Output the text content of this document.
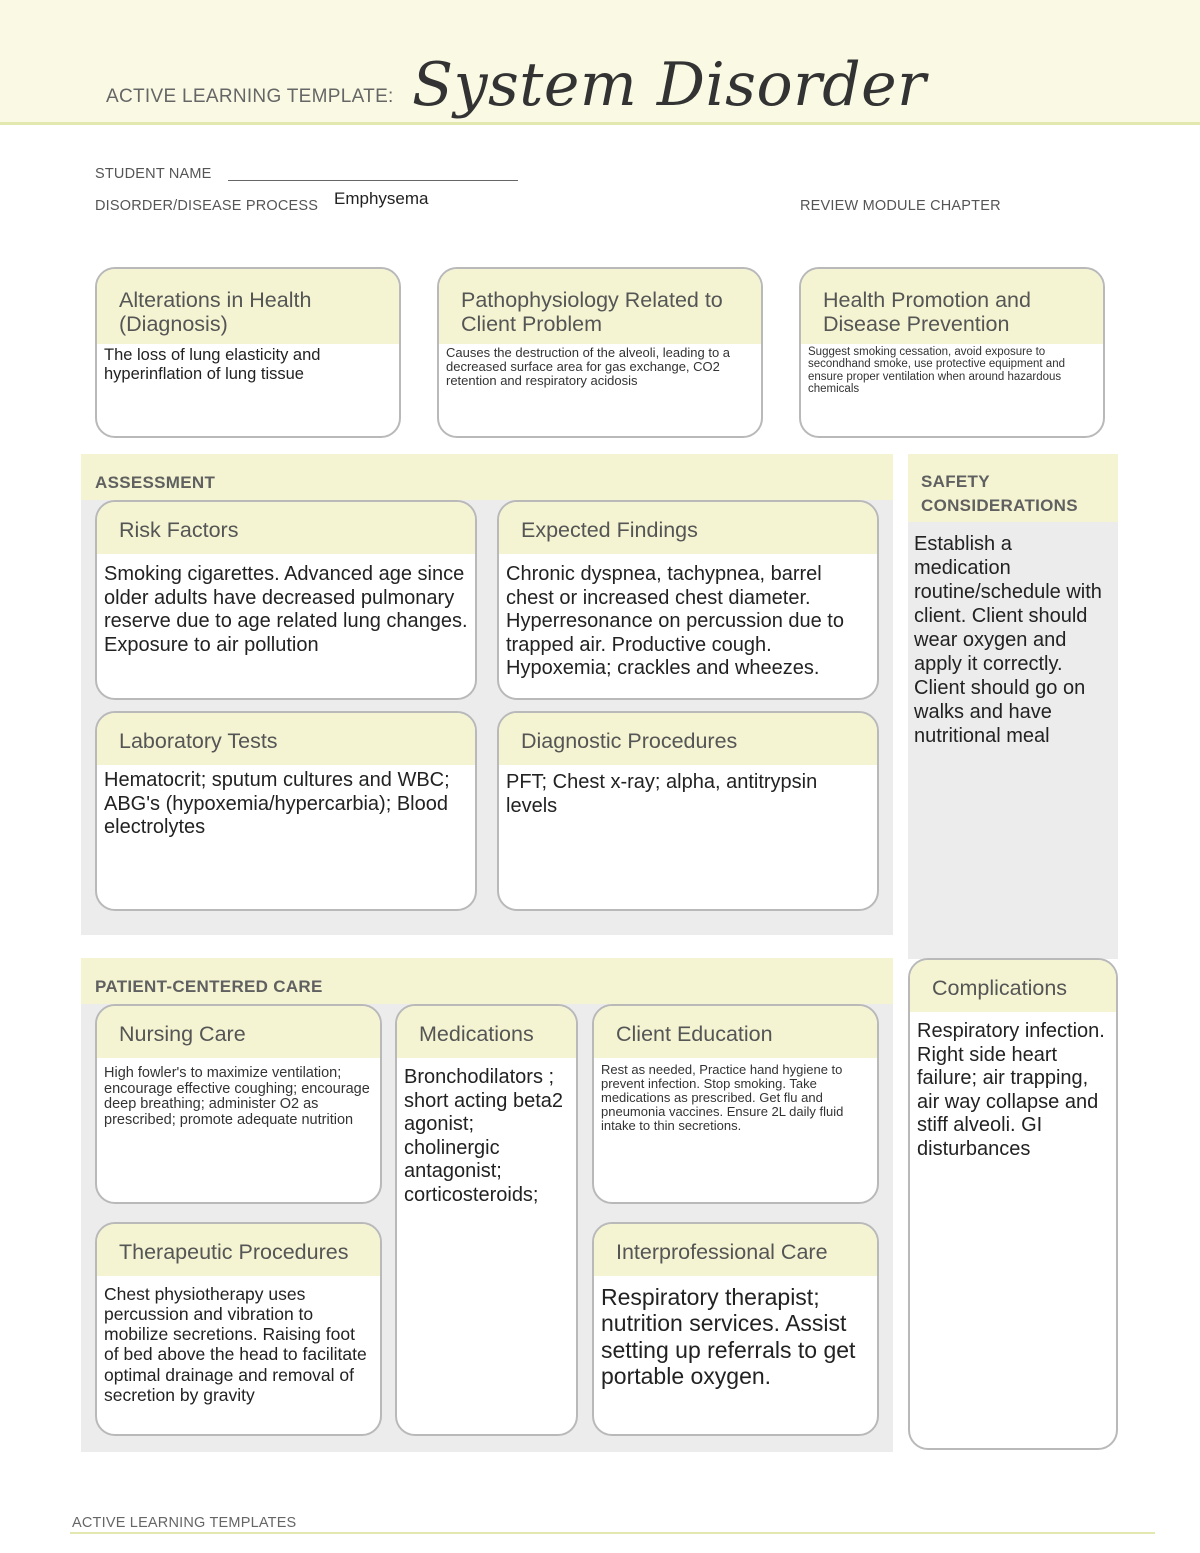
ACTIVE LEARNING TEMPLATE: System Disorder
STUDENT NAME
DISORDER/DISEASE PROCESS Emphysema	REVIEW MODULE CHAPTER
Alterations in Health (Diagnosis)
The loss of lung elasticity and hyperinflation of lung tissue
Pathophysiology Related to Client Problem
Causes the destruction of the alveoli, leading to a decreased surface area for gas exchange, CO2 retention and respiratory acidosis
Health Promotion and Disease Prevention
Suggest smoking cessation, avoid exposure to secondhand smoke, use protective equipment and ensure proper ventilation when around hazardous chemicals
ASSESSMENT
Risk Factors
Smoking cigarettes. Advanced age since older adults have decreased pulmonary reserve due to age related lung changes. Exposure to air pollution
Expected Findings
Chronic dyspnea, tachypnea, barrel chest or increased chest diameter. Hyperresonance on percussion due to trapped air. Productive cough. Hypoxemia; crackles and wheezes.
Laboratory Tests
Hematocrit; sputum cultures and WBC; ABG's (hypoxemia/hypercarbia); Blood electrolytes
Diagnostic Procedures
PFT; Chest x-ray; alpha, antitrypsin levels
SAFETY CONSIDERATIONS
Establish a medication routine/schedule with client. Client should wear oxygen and apply it correctly. Client should go on walks and have nutritional meal
PATIENT-CENTERED CARE
Nursing Care
High fowler's to maximize ventilation; encourage effective coughing; encourage deep breathing; administer O2 as prescribed; promote adequate nutrition
Medications
Bronchodilators ; short acting beta2 agonist; cholinergic antagonist; corticosteroids;
Client Education
Rest as needed, Practice hand hygiene to prevent infection. Stop smoking. Take medications as prescribed. Get flu and pneumonia vaccines. Ensure 2L daily fluid intake to thin secretions.
Therapeutic Procedures
Chest physiotherapy uses percussion and vibration to mobilize secretions. Raising foot of bed above the head to facilitate optimal drainage and removal of secretion by gravity
Interprofessional Care
Respiratory therapist; nutrition services. Assist setting up referrals to get portable oxygen.
Complications
Respiratory infection. Right side heart failure; air trapping, air way collapse and stiff alveoli. GI disturbances
ACTIVE LEARNING TEMPLATES
